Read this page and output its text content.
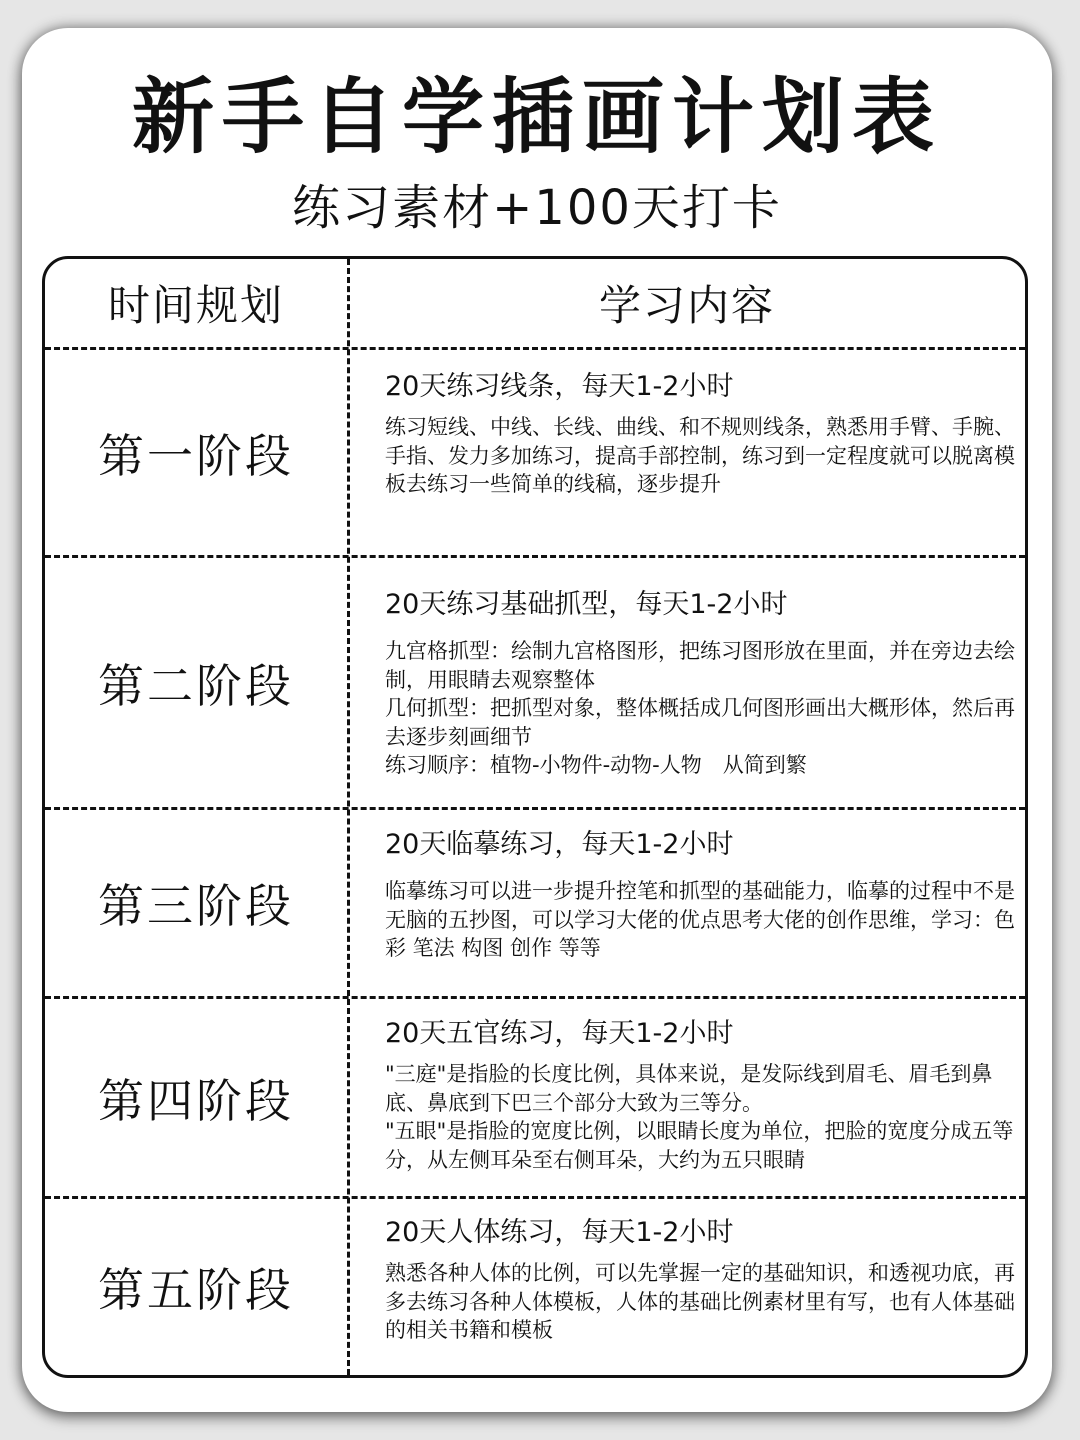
新手自学插画计划表
练习素材+100天打卡
时间规划	学习内容
第一阶段
20天练习线条，每天1-2小时

练习短线、中线、长线、曲线、和不规则线条，熟悉用手臂、手腕、手指、发力多加练习，提高手部控制，练习到一定程度就可以脱离模板去练习一些简单的线稿，逐步提升

第二阶段
20天练习基础抓型，每天1-2小时

九宫格抓型：绘制九宫格图形，把练习图形放在里面，并在旁边去绘制，用眼睛去观察整体

几何抓型：把抓型对象，整体概括成几何图形画出大概形体，然后再去逐步刻画细节

练习顺序：植物-小物件-动物-人物　从简到繁

第三阶段
20天临摹练习，每天1-2小时

临摹练习可以进一步提升控笔和抓型的基础能力，临摹的过程中不是无脑的五抄图，可以学习大佬的优点思考大佬的创作思维，学习：色彩 笔法 构图 创作 等等

第四阶段
20天五官练习，每天1-2小时

"三庭"是指脸的长度比例，具体来说，是发际线到眉毛、眉毛到鼻底、鼻底到下巴三个部分大致为三等分。

"五眼"是指脸的宽度比例，以眼睛长度为单位，把脸的宽度分成五等分，从左侧耳朵至右侧耳朵，大约为五只眼睛

第五阶段
20天人体练习，每天1-2小时

熟悉各种人体的比例，可以先掌握一定的基础知识，和透视功底，再多去练习各种人体模板，人体的基础比例素材里有写，也有人体基础的相关书籍和模板
